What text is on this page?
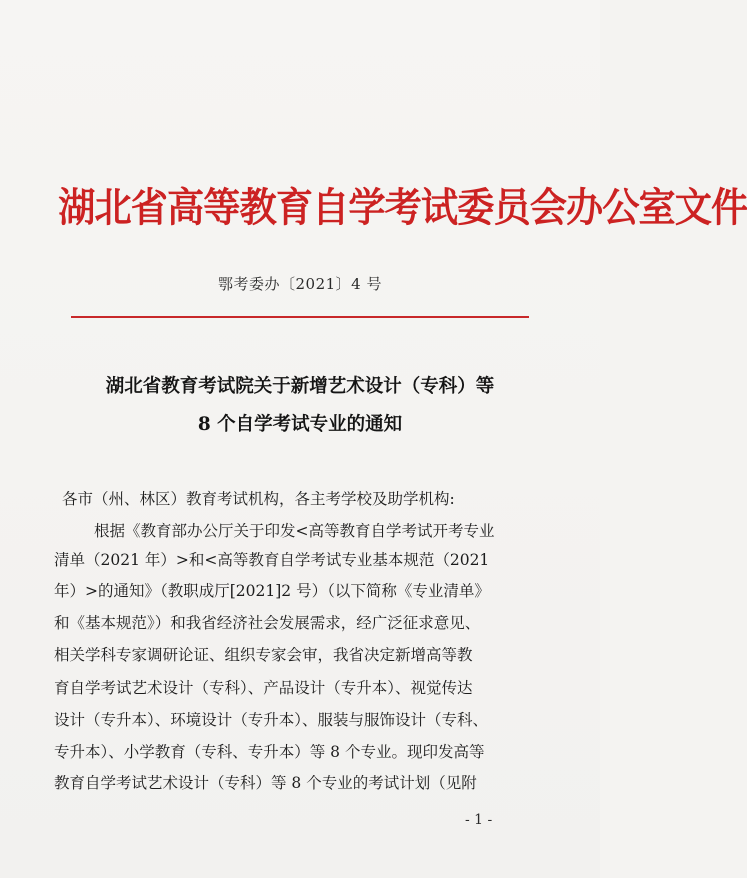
湖北省高等教育自学考试委员会办公室文件
鄂考委办〔2021〕4 号
湖北省教育考试院关于新增艺术设计（专科）等
8 个自学考试专业的通知
各市（州、林区）教育考试机构，各主考学校及助学机构:
根据《教育部办公厅关于印发<高等教育自学考试开考专业
清单（2021 年）>和<高等教育自学考试专业基本规范（2021
年）>的通知》（教职成厅[2021]2 号）（以下简称《专业清单》
和《基本规范》）和我省经济社会发展需求，经广泛征求意见、
相关学科专家调研论证、组织专家会审，我省决定新增高等教
育自学考试艺术设计（专科）、产品设计（专升本）、视觉传达
设计（专升本）、环境设计（专升本）、服装与服饰设计（专科、
专升本）、小学教育（专科、专升本）等 8 个专业。现印发高等
教育自学考试艺术设计（专科）等 8 个专业的考试计划（见附
- 1 -
